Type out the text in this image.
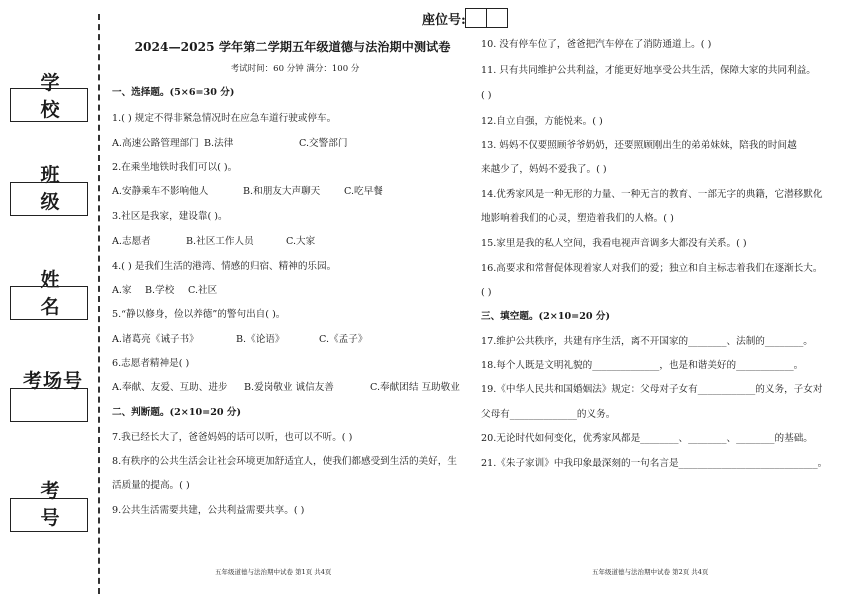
学 校
班 级
姓 名
考场号
考 号
座位号:
2024—2025 学年第二学期五年级道德与法治期中测试卷
考试时间：60 分钟 满分：100 分
一、选择题。(5×6=30 分)
1.( ) 规定不得非紧急情况时在应急车道行驶或停车。
A.高速公路管理部门 B.法律	C.交警部门
2.在乘坐地铁时我们可以( )。
A.安静乘车不影响他人	B.和朋友大声聊天	C.吃早餐
3.社区是我家，建设靠( )。
A.志愿者	B.社区工作人员	C.大家
4.( ) 是我们生活的港湾、情感的归宿、精神的乐园。
A.家	B.学校	C.社区
5.“静以修身，俭以养德”的警句出自( )。
A.诸葛亮《诫子书》	B.《论语》	C.《孟子》
6.志愿者精神是( )
A.奉献、友爱、互助、进步	B.爱岗敬业 诚信友善	C.奉献团结 互助敬业
二、判断题。(2×10=20 分)
7.我已经长大了，爸爸妈妈的话可以听，也可以不听。( )
8.有秩序的公共生活会让社会环境更加舒适宜人，使我们都感受到生活的美好，生
活质量的提高。( )
9.公共生活需要共建，公共利益需要共享。( )
10. 没有停车位了，爸爸把汽车停在了消防通道上。( )
11. 只有共同维护公共利益，才能更好地享受公共生活，保障大家的共同利益。
( )
12.自立自强，方能悦来。( )
13. 妈妈不仅要照顾爷爷奶奶，还要照顾刚出生的弟弟妹妹，陪我的时间越
来越少了，妈妈不爱我了。( )
14.优秀家风是一种无形的力量、一种无言的教育、一部无字的典籍，它潜移默化
地影响着我们的心灵，塑造着我们的人格。( )
15.家里是我的私人空间，我看电视声音调多大都没有关系。( )
16.高要求和常督促体现着家人对我们的爱；独立和自主标志着我们在逐渐长大。
( )
三、填空题。(2×10=20 分)
17.维护公共秩序，共建有序生活，离不开国家的________、法制的________。
18.每个人既是文明礼貌的______________，也是和谐美好的____________。
19.《中华人民共和国婚姻法》规定：父母对子女有____________的义务，子女对
父母有______________的义务。
20.无论时代如何变化，优秀家风都是________、________、________的基础。
21.《朱子家训》中我印象最深刻的一句名言是_____________________________。
五年级道德与法治期中试卷 第1页 共4页	五年级道德与法治期中试卷 第2页 共4页
